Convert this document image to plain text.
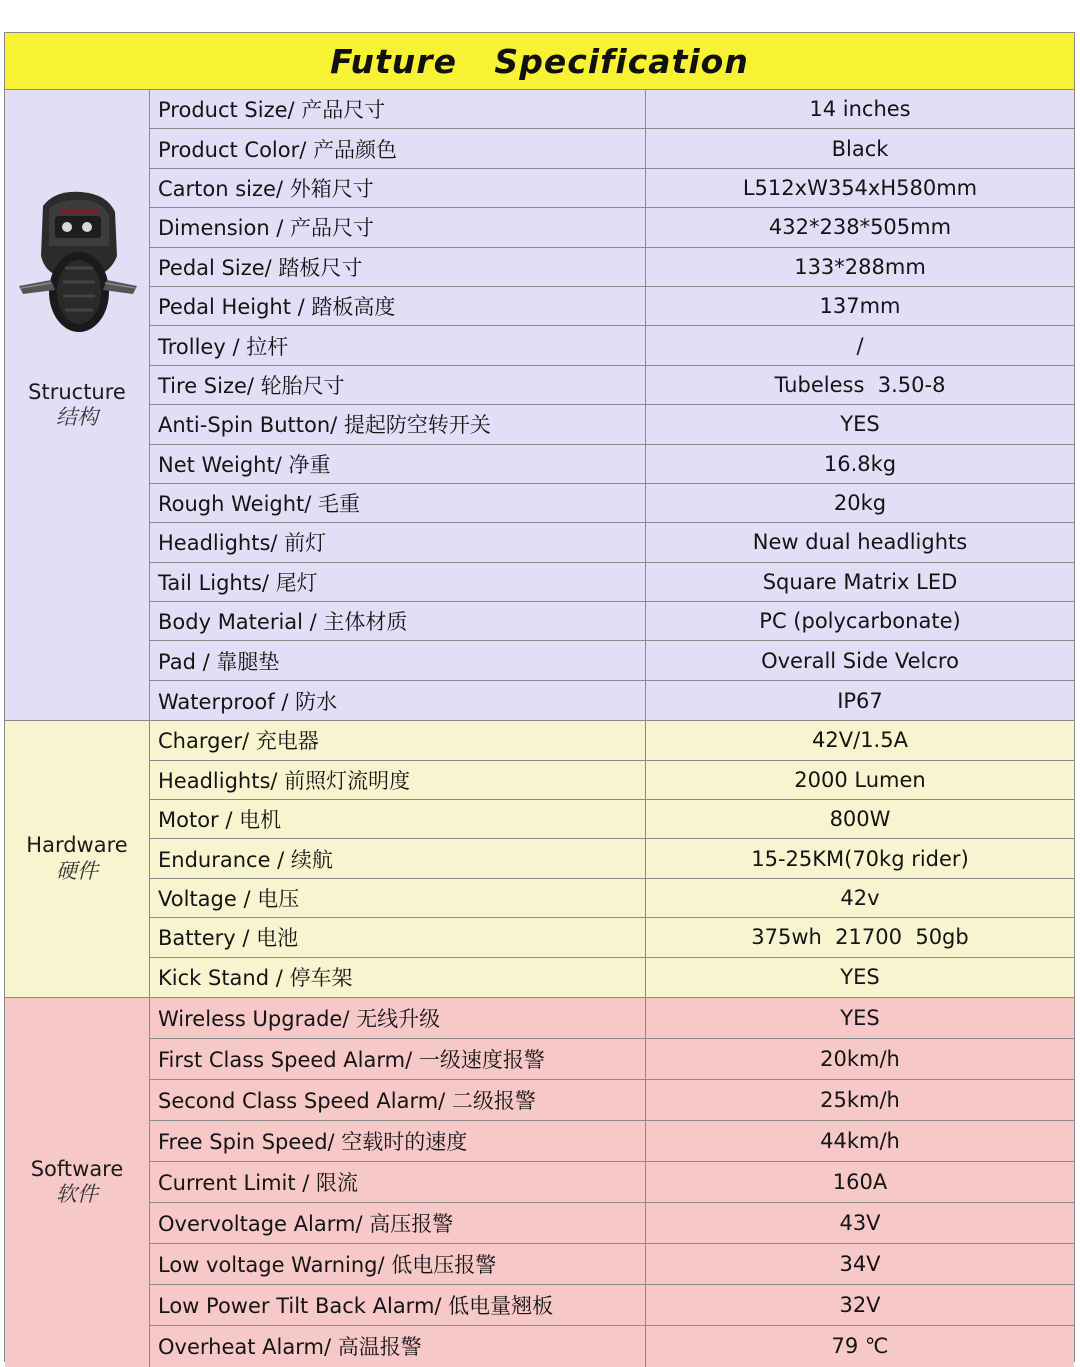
Future   Specification
Structure
结构
Product Size/ 产品尺寸	14 inches
Product Color/ 产品颜色	Black
Carton size/ 外箱尺寸	L512xW354xH580mm
Dimension / 产品尺寸	432*238*505mm
Pedal Size/ 踏板尺寸	133*288mm
Pedal Height / 踏板高度	137mm
Trolley / 拉杆	/
Tire Size/ 轮胎尺寸	Tubeless  3.50-8
Anti-Spin Button/ 提起防空转开关	YES
Net Weight/ 净重	16.8kg
Rough Weight/ 毛重	20kg
Headlights/ 前灯	New dual headlights
Tail Lights/ 尾灯	Square Matrix LED
Body Material / 主体材质	PC (polycarbonate)
Pad / 靠腿垫	Overall Side Velcro
Waterproof / 防水	IP67
Hardware
硬件
Charger/ 充电器	42V/1.5A
Headlights/ 前照灯流明度	2000 Lumen
Motor / 电机	800W
Endurance / 续航	15-25KM(70kg rider)
Voltage / 电压	42v
Battery / 电池	375wh  21700  50gb
Kick Stand / 停车架	YES
Software
软件
Wireless Upgrade/ 无线升级	YES
First Class Speed Alarm/ 一级速度报警	20km/h
Second Class Speed Alarm/ 二级报警	25km/h
Free Spin Speed/ 空载时的速度	44km/h
Current Limit / 限流	160A
Overvoltage Alarm/ 高压报警	43V
Low voltage Warning/ 低电压报警	34V
Low Power Tilt Back Alarm/ 低电量翘板	32V
Overheat Alarm/ 高温报警	79 ℃
